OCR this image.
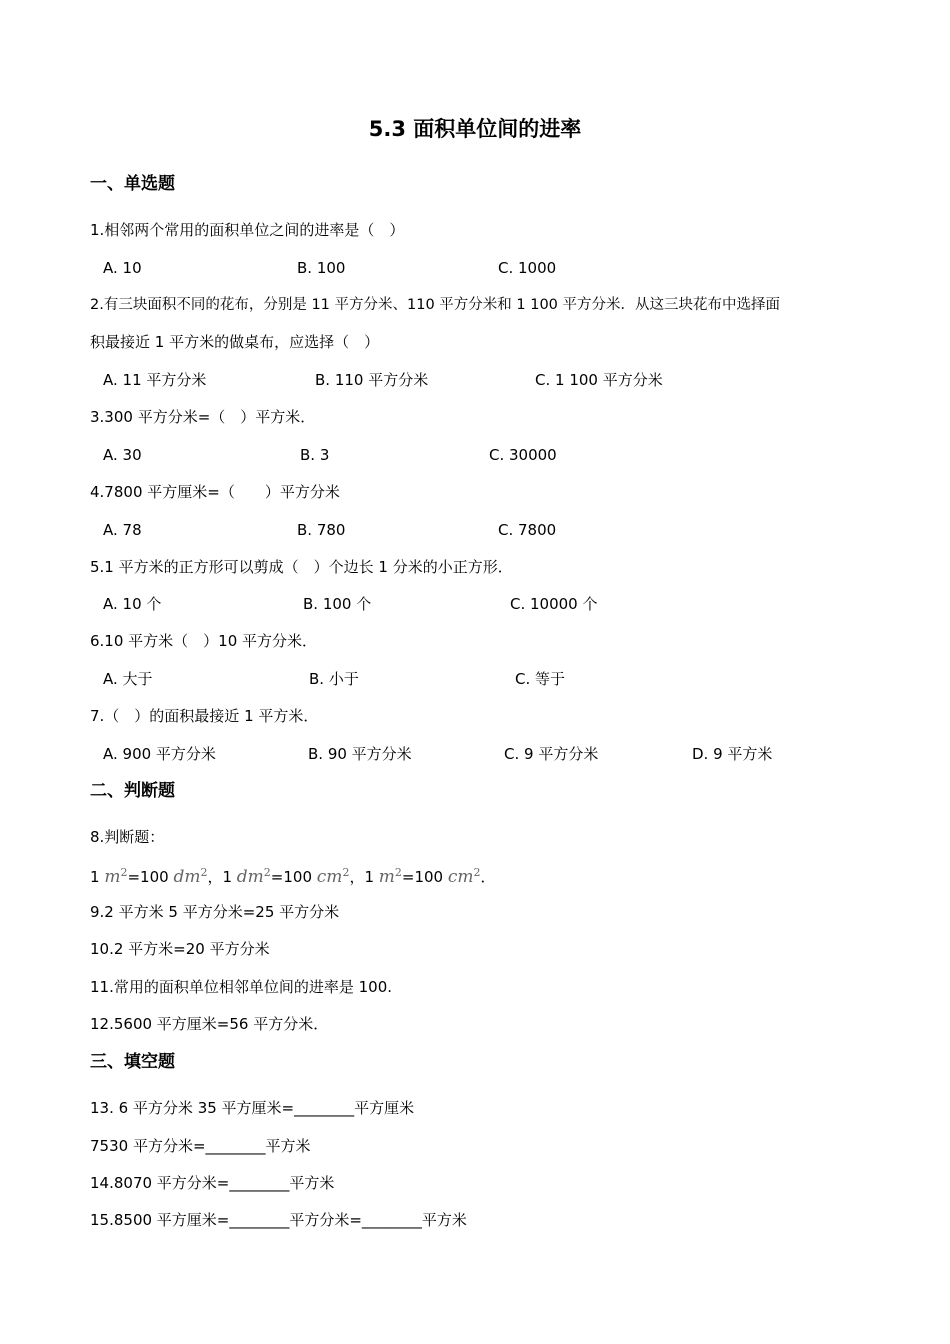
5.3 面积单位间的进率
一、单选题
1.相邻两个常用的面积单位之间的进率是（　）
A. 10	B. 100	C. 1000
2.有三块面积不同的花布，分别是 11 平方分米、110 平方分米和 1 100 平方分米．从这三块花布中选择面
积最接近 1 平方米的做桌布，应选择（　）
A. 11 平方分米	B. 110 平方分米	C. 1 100 平方分米
3.300 平方分米=（　）平方米．
A. 30	B. 3	C. 30000
4.7800 平方厘米=（　　）平方分米
A. 78	B. 780	C. 7800
5.1 平方米的正方形可以剪成（　）个边长 1 分米的小正方形．
A. 10 个	B. 100 个	C. 10000 个
6.10 平方米（　）10 平方分米．
A. 大于	B. 小于	C. 等于
7.（　）的面积最接近 1 平方米．
A. 900 平方分米	B. 90 平方分米	C. 9 平方分米	D. 9 平方米
二、判断题
8.判断题：
1 $m^2=100$ $dm^2$，1 $dm^2=100$ $cm^2$，1 $m^2=100$ $cm^2$．
9.2 平方米 5 平方分米=25 平方分米
10.2 平方米=20 平方分米
11.常用的面积单位相邻单位间的进率是 100.
12.5600 平方厘米=56 平方分米．
三、填空题
13. 6 平方分米 35 平方厘米=________平方厘米
7530 平方分米=________平方米
14.8070 平方分米=________平方米
15.8500 平方厘米=________平方分米=________平方米
